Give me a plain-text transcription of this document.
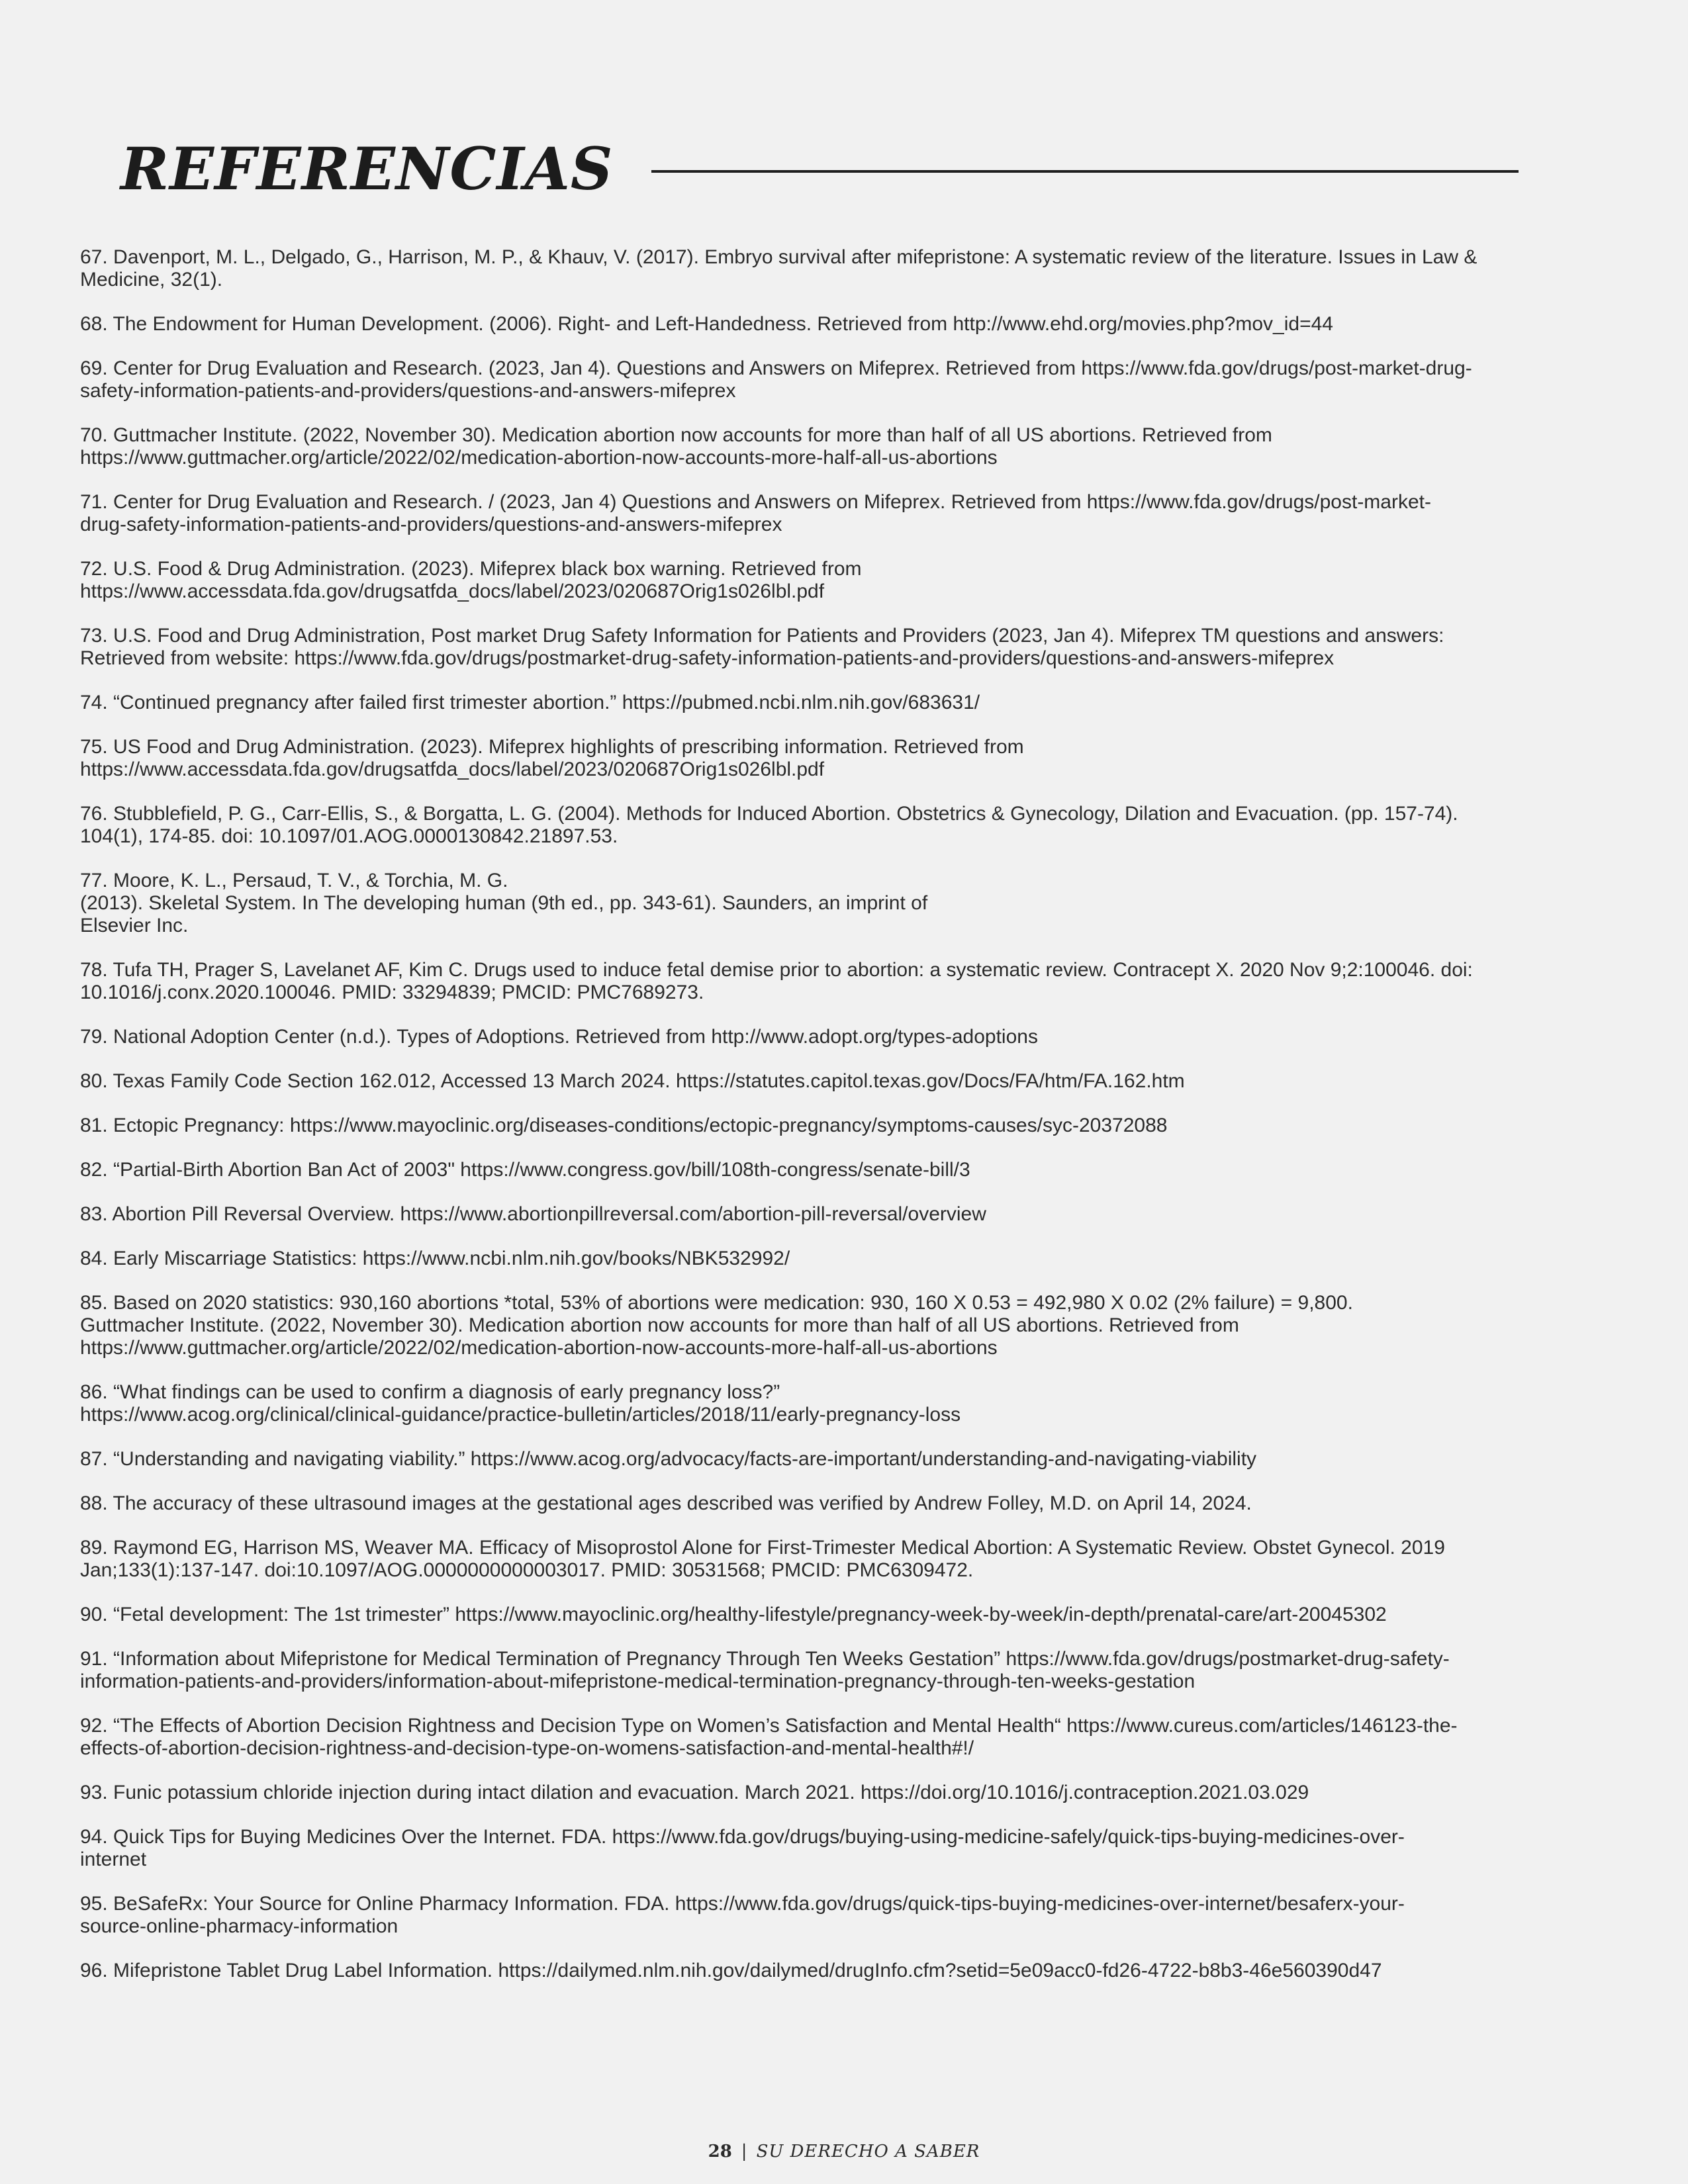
REFERENCIAS
67. Davenport, M. L., Delgado, G., Harrison, M. P., & Khauv, V. (2017). Embryo survival after mifepristone: A systematic review of the literature. Issues in Law &
Medicine, 32(1).
68. The Endowment for Human Development. (2006). Right- and Left-Handedness. Retrieved from http://www.ehd.org/movies.php?mov_id=44
69. Center for Drug Evaluation and Research. (2023, Jan 4). Questions and Answers on Mifeprex. Retrieved from https://www.fda.gov/drugs/post-market-drug-
safety-information-patients-and-providers/questions-and-answers-mifeprex
70. Guttmacher Institute. (2022, November 30). Medication abortion now accounts for more than half of all US abortions. Retrieved from
https://www.guttmacher.org/article/2022/02/medication-abortion-now-accounts-more-half-all-us-abortions
71. Center for Drug Evaluation and Research. / (2023, Jan 4) Questions and Answers on Mifeprex. Retrieved from https://www.fda.gov/drugs/post-market-
drug-safety-information-patients-and-providers/questions-and-answers-mifeprex
72. U.S. Food & Drug Administration. (2023). Mifeprex black box warning. Retrieved from
https://www.accessdata.fda.gov/drugsatfda_docs/label/2023/020687Orig1s026lbl.pdf
73. U.S. Food and Drug Administration, Post market Drug Safety Information for Patients and Providers (2023, Jan 4). Mifeprex TM questions and answers:
Retrieved from website: https://www.fda.gov/drugs/postmarket-drug-safety-information-patients-and-providers/questions-and-answers-mifeprex
74. “Continued pregnancy after failed first trimester abortion.” https://pubmed.ncbi.nlm.nih.gov/683631/
75. US Food and Drug Administration. (2023). Mifeprex highlights of prescribing information. Retrieved from
https://www.accessdata.fda.gov/drugsatfda_docs/label/2023/020687Orig1s026lbl.pdf
76. Stubblefield, P. G., Carr-Ellis, S., & Borgatta, L. G. (2004). Methods for Induced Abortion. Obstetrics & Gynecology, Dilation and Evacuation. (pp. 157-74).
104(1), 174-85. doi: 10.1097/01.AOG.0000130842.21897.53.
77. Moore, K. L., Persaud, T. V., & Torchia, M. G.
(2013). Skeletal System. In The developing human (9th ed., pp. 343-61). Saunders, an imprint of
Elsevier Inc.
78. Tufa TH, Prager S, Lavelanet AF, Kim C. Drugs used to induce fetal demise prior to abortion: a systematic review. Contracept X. 2020 Nov 9;2:100046. doi:
10.1016/j.conx.2020.100046. PMID: 33294839; PMCID: PMC7689273.
79. National Adoption Center (n.d.). Types of Adoptions. Retrieved from http://www.adopt.org/types-adoptions
80. Texas Family Code Section 162.012, Accessed 13 March 2024. https://statutes.capitol.texas.gov/Docs/FA/htm/FA.162.htm
81. Ectopic Pregnancy: https://www.mayoclinic.org/diseases-conditions/ectopic-pregnancy/symptoms-causes/syc-20372088
82. “Partial-Birth Abortion Ban Act of 2003" https://www.congress.gov/bill/108th-congress/senate-bill/3
83. Abortion Pill Reversal Overview. https://www.abortionpillreversal.com/abortion-pill-reversal/overview
84. Early Miscarriage Statistics: https://www.ncbi.nlm.nih.gov/books/NBK532992/
85. Based on 2020 statistics: 930,160 abortions *total, 53% of abortions were medication: 930, 160 X 0.53 = 492,980 X 0.02 (2% failure) = 9,800.
Guttmacher Institute. (2022, November 30). Medication abortion now accounts for more than half of all US abortions. Retrieved from
https://www.guttmacher.org/article/2022/02/medication-abortion-now-accounts-more-half-all-us-abortions
86. “What findings can be used to confirm a diagnosis of early pregnancy loss?”
https://www.acog.org/clinical/clinical-guidance/practice-bulletin/articles/2018/11/early-pregnancy-loss
87. “Understanding and navigating viability.” https://www.acog.org/advocacy/facts-are-important/understanding-and-navigating-viability
88. The accuracy of these ultrasound images at the gestational ages described was verified by Andrew Folley, M.D. on April 14, 2024.
89. Raymond EG, Harrison MS, Weaver MA. Efficacy of Misoprostol Alone for First-Trimester Medical Abortion: A Systematic Review. Obstet Gynecol. 2019
Jan;133(1):137-147. doi:10.1097/AOG.0000000000003017. PMID: 30531568; PMCID: PMC6309472.
90. “Fetal development: The 1st trimester” https://www.mayoclinic.org/healthy-lifestyle/pregnancy-week-by-week/in-depth/prenatal-care/art-20045302
91. “Information about Mifepristone for Medical Termination of Pregnancy Through Ten Weeks Gestation” https://www.fda.gov/drugs/postmarket-drug-safety-
information-patients-and-providers/information-about-mifepristone-medical-termination-pregnancy-through-ten-weeks-gestation
92. “The Effects of Abortion Decision Rightness and Decision Type on Women’s Satisfaction and Mental Health“ https://www.cureus.com/articles/146123-the-
effects-of-abortion-decision-rightness-and-decision-type-on-womens-satisfaction-and-mental-health#!/
93. Funic potassium chloride injection during intact dilation and evacuation. March 2021. https://doi.org/10.1016/j.contraception.2021.03.029
94. Quick Tips for Buying Medicines Over the Internet. FDA. https://www.fda.gov/drugs/buying-using-medicine-safely/quick-tips-buying-medicines-over-
internet
95. BeSafeRx: Your Source for Online Pharmacy Information. FDA. https://www.fda.gov/drugs/quick-tips-buying-medicines-over-internet/besaferx-your-
source-online-pharmacy-information
96. Mifepristone Tablet Drug Label Information. https://dailymed.nlm.nih.gov/dailymed/drugInfo.cfm?setid=5e09acc0-fd26-4722-b8b3-46e560390d47
28 | SU DERECHO A SABER
